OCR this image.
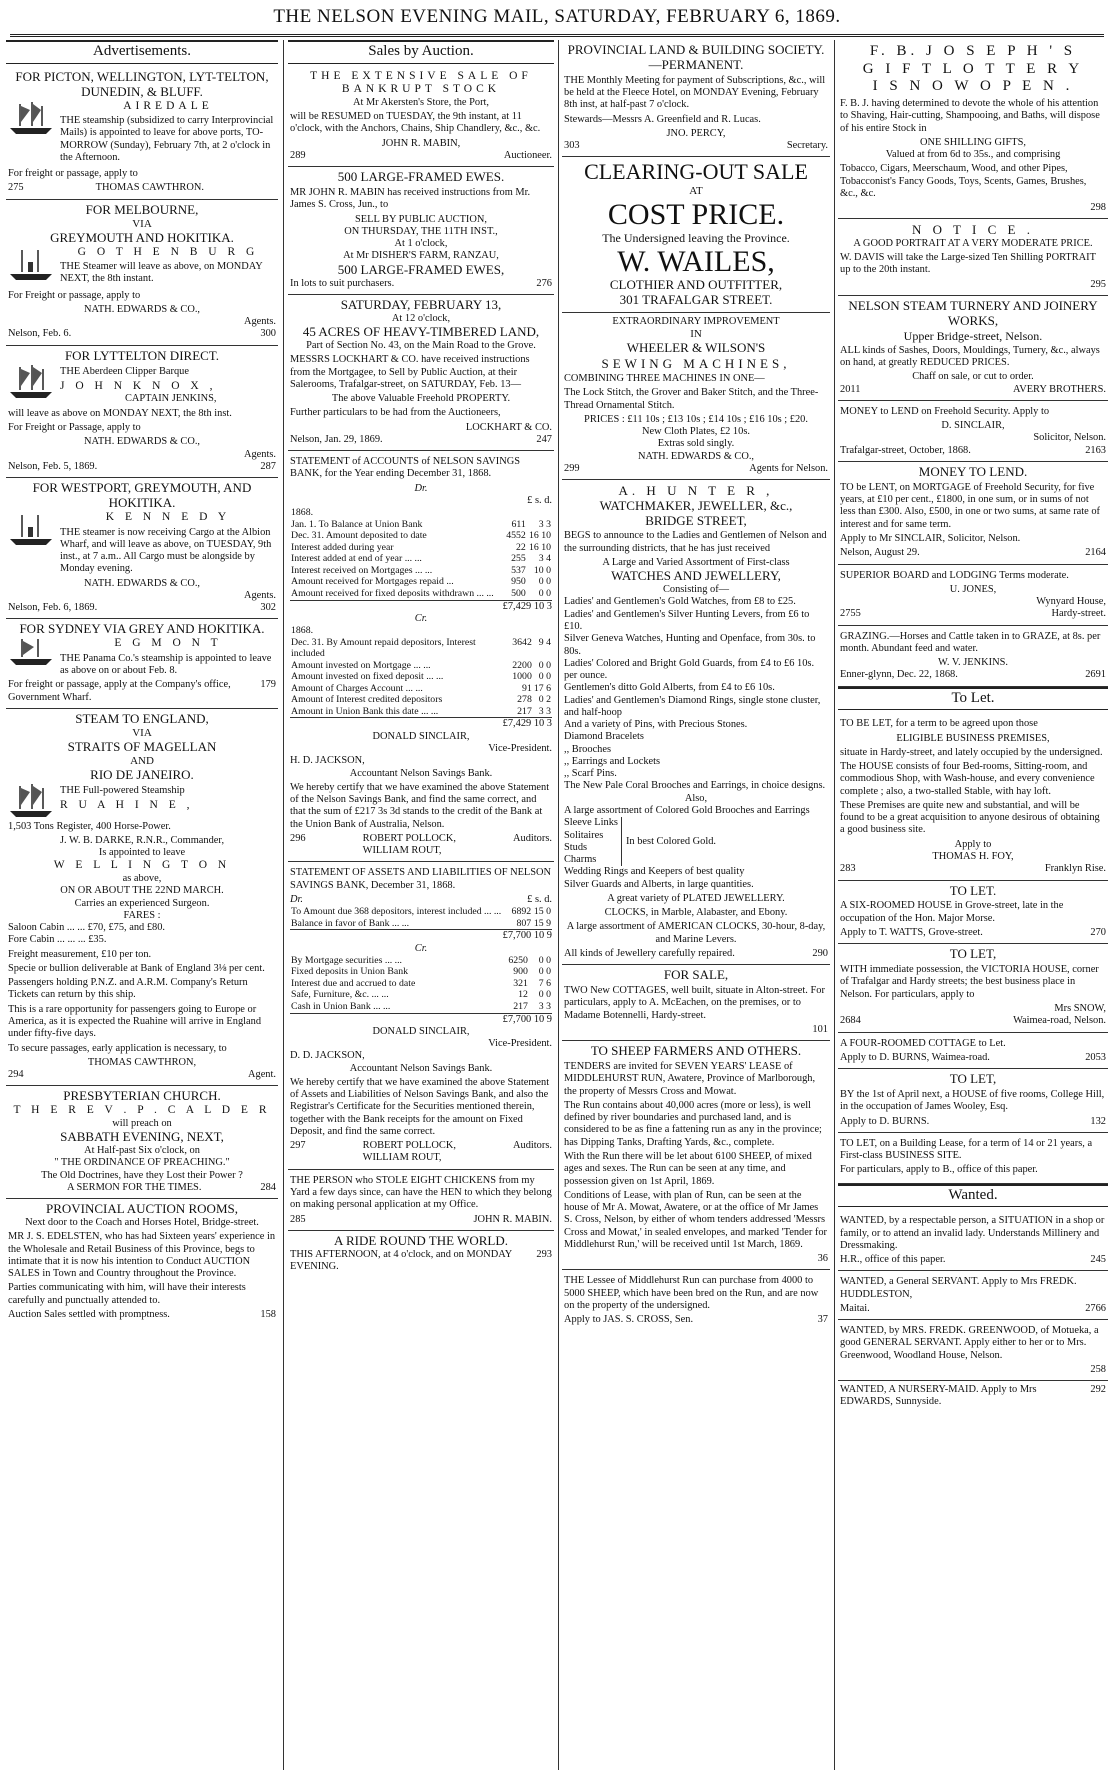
THE NELSON EVENING MAIL, SATURDAY, FEBRUARY 6, 1869.
Advertisements.
FOR PICTON, WELLINGTON, LYT-TELTON, DUNEDIN, & BLUFF.
AIREDALE

THE steamship (subsidized to carry Interprovincial Mails) is appointed to leave for above ports, TO-MORROW (Sunday), February 7th, at 2 o'clock in the Afternoon.

For freight or passage, apply to

275	THOMAS CAWTHRON.
FOR MELBOURNE,
VIA
GREYMOUTH AND HOKITIKA.
G O T H E N B U R G

THE Steamer will leave as above, on MONDAY NEXT, the 8th instant.

For Freight or passage, apply to

NATH. EDWARDS & CO.,
Agents.
Nelson, Feb. 6.	300
FOR LYTTELTON DIRECT.

THE Aberdeen Clipper Barque

J O H N K N O X ,
CAPTAIN JENKINS,

will leave as above on MONDAY NEXT, the 8th inst.

For Freight or Passage, apply to

NATH. EDWARDS & CO.,
Agents.
Nelson, Feb. 5, 1869.	287
FOR WESTPORT, GREYMOUTH, AND HOKITIKA.
K E N N E D Y

THE steamer is now receiving Cargo at the Albion Wharf, and will leave as above, on TUESDAY, 9th inst., at 7 a.m.. All Cargo must be alongside by Monday evening.

NATH. EDWARDS & CO.,
Agents.
Nelson, Feb. 6, 1869.	302
FOR SYDNEY VIA GREY AND HOKITIKA.
E G M O N T

THE Panama Co.'s steamship is appointed to leave as above on or about Feb. 8.

For freight or passage, apply at the Company's office, Government Wharf.
179
STEAM TO ENGLAND,
VIA
STRAITS OF MAGELLAN
AND
RIO DE JANEIRO.

THE Full-powered Steamship

R U A H I N E ,

1,503 Tons Register, 400 Horse-Power.

J. W. B. DARKE, R.N.R., Commander,
Is appointed to leave
W E L L I N G T O N
as above,
ON OR ABOUT THE 22ND MARCH.
Carries an experienced Surgeon.
FARES :
Saloon Cabin ... ... £70, £75, and £80.
Fore Cabin ... ... ... £35.

Freight measurement, £10 per ton.

Specie or bullion deliverable at Bank of England 3⅛ per cent.

Passengers holding P.N.Z. and A.R.M. Company's Return Tickets can return by this ship.

This is a rare opportunity for passengers going to Europe or America, as it is expected the Ruahine will arrive in England under fifty-five days.

To secure passages, early application is necessary, to

THOMAS CAWTHRON,
294	Agent.
PRESBYTERIAN CHURCH.
T H E R E V . P . C A L D E R
will preach on
SABBATH EVENING, NEXT,
At Half-past Six o'clock, on
" THE ORDINANCE OF PREACHING."
The Old Doctrines, have they Lost their Power ?
A SERMON FOR THE TIMES.	284
PROVINCIAL AUCTION ROOMS,
Next door to the Coach and Horses Hotel, Bridge-street.

MR J. S. EDELSTEN, who has had Sixteen years' experience in the Wholesale and Retail Business of this Province, begs to intimate that it is now his intention to Conduct AUCTION SALES in Town and Country throughout the Province.

Parties communicating with him, will have their interests carefully and punctually attended to.

Auction Sales settled with promptness.	158
Sales by Auction.
THE EXTENSIVE SALE OF
BANKRUPT STOCK
At Mr Akersten's Store, the Port,

will be RESUMED on TUESDAY, the 9th instant, at 11 o'clock, with the Anchors, Chains, Ship Chandlery, &c., &c.

JOHN R. MABIN,
289	Auctioneer.
500 LARGE-FRAMED EWES.

MR JOHN R. MABIN has received instructions from Mr. James S. Cross, Jun., to

SELL BY PUBLIC AUCTION,
ON THURSDAY, THE 11TH INST.,
At 1 o'clock,
At Mr DISHER'S FARM, RANZAU,
500 LARGE-FRAMED EWES,
In lots to suit purchasers.	276
SATURDAY, FEBRUARY 13,
At 12 o'clock,
45 ACRES OF HEAVY-TIMBERED LAND,
Part of Section No. 43, on the Main Road to the Grove.

MESSRS LOCKHART & CO. have received instructions from the Mortgagee, to Sell by Public Auction, at their Salerooms, Trafalgar-street, on SATURDAY, Feb. 13—

The above Valuable Freehold PROPERTY.

Further particulars to be had from the Auctioneers,

LOCKHART & CO.
Nelson, Jan. 29, 1869.	247

STATEMENT of ACCOUNTS of NELSON SAVINGS BANK, for the Year ending December 31, 1868.

Dr.
£ s. d.
1868.		
Jan. 1. To Balance at Union Bank	611	3 3
Dec. 31. Amount deposited to date	4552	16 10
Interest added during year	22	16 10
Interest added at end of year ... ...	255	3 4
Interest received on Mortgages ... ...	537	10 0
Amount received for Mortgages repaid ...	950	0 0
Amount received for fixed deposits withdrawn ... ...	500	0 0
£7,429 10 3
Cr.
1868.		
Dec. 31. By Amount repaid depositors, Interest included	3642	9 4
Amount invested on Mortgage ... ...	2200	0 0
Amount invested on fixed deposit ... ...	1000	0 0
Amount of Charges Account ... ...	91	17 6
Amount of Interest credited depositors	278	0 2
Amount in Union Bank this date ... ...	217	3 3
£7,429 10 3
DONALD SINCLAIR,
Vice-President.
H. D. JACKSON,
Accountant Nelson Savings Bank.

We hereby certify that we have examined the above Statement of the Nelson Savings Bank, and find the same correct, and that the sum of £217 3s 3d stands to the credit of the Bank at the Union Bank of Australia, Nelson.

296	ROBERT POLLOCK,
WILLIAM ROUT,
Auditors.

STATEMENT OF ASSETS AND LIABILITIES OF NELSON SAVINGS BANK, December 31, 1868.

Dr.	£ s. d.
To Amount due 368 depositors, interest included ... ...	6892	15 0
Balance in favor of Bank ... ...	807	15 9
£7,700 10 9
Cr.
By Mortgage securities ... ...	6250	0 0
Fixed deposits in Union Bank	900	0 0
Interest due and accrued to date	321	7 6
Safe, Furniture, &c. ... ...	12	0 0
Cash in Union Bank ... ...	217	3 3
£7,700 10 9
DONALD SINCLAIR,
Vice-President.
D. D. JACKSON,
Accountant Nelson Savings Bank.

We hereby certify that we have examined the above Statement of Assets and Liabilities of Nelson Savings Bank, and also the Registrar's Certificate for the Securities mentioned therein, together with the Bank receipts for the amount on Fixed Deposit, and find the same correct.

297	ROBERT POLLOCK,
WILLIAM ROUT,
Auditors.

THE PERSON who STOLE EIGHT CHICKENS from my Yard a few days since, can have the HEN to which they belong on making personal application at my Office.

285	JOHN R. MABIN.
A RIDE ROUND THE WORLD.
THIS AFTERNOON, at 4 o'clock, and on MONDAY EVENING.
293
PROVINCIAL LAND & BUILDING SOCIETY.—PERMANENT.

THE Monthly Meeting for payment of Subscriptions, &c., will be held at the Fleece Hotel, on MONDAY Evening, February 8th inst, at half-past 7 o'clock.

Stewards—Messrs A. Greenfield and R. Lucas.

JNO. PERCY,
303	Secretary.
CLEARING-OUT SALE
AT
COST PRICE.
The Undersigned leaving the Province.
W. WAILES,
CLOTHIER AND OUTFITTER,
301 TRAFALGAR STREET.
EXTRAORDINARY IMPROVEMENT
IN
WHEELER & WILSON'S
SEWING MACHINES,

COMBINING THREE MACHINES IN ONE—

The Lock Stitch, the Grover and Baker Stitch, and the Three-Thread Ornamental Stitch.

PRICES : £11 10s ; £13 10s ; £14 10s ; £16 10s ; £20.
New Cloth Plates, £2 10s.
Extras sold singly.
NATH. EDWARDS & CO.,
299	Agents for Nelson.
A. H U N T E R ,
WATCHMAKER, JEWELLER, &c.,
BRIDGE STREET,

BEGS to announce to the Ladies and Gentlemen of Nelson and the surrounding districts, that he has just received

A Large and Varied Assortment of First-class
WATCHES AND JEWELLERY,
Consisting of—
Ladies' and Gentlemen's Gold Watches, from £8 to £25.
Ladies' and Gentlemen's Silver Hunting Levers, from £6 to £10.
Silver Geneva Watches, Hunting and Openface, from 30s. to 80s.
Ladies' Colored and Bright Gold Guards, from £4 to £6 10s. per ounce.
Gentlemen's ditto Gold Alberts, from £4 to £6 10s.
Ladies' and Gentlemen's Diamond Rings, single stone cluster, and half-hoop
And a variety of Pins, with Precious Stones.
Diamond Bracelets
,, Brooches
,, Earrings and Lockets
,, Scarf Pins.
The New Pale Coral Brooches and Earrings, in choice designs.
Also,
A large assortment of Colored Gold Brooches and Earrings
Sleeve Links
Solitaires
Studs
Charms
In best Colored Gold.
Wedding Rings and Keepers of best quality
Silver Guards and Alberts, in large quantities.

A great variety of PLATED JEWELLERY.

CLOCKS, in Marble, Alabaster, and Ebony.

A large assortment of AMERICAN CLOCKS, 30-hour, 8-day, and Marine Levers.

All kinds of Jewellery carefully repaired.	290
FOR SALE,

TWO New COTTAGES, well built, situate in Alton-street. For particulars, apply to A. McEachen, on the premises, or to Madame Botennelli, Hardy-street.

101
TO SHEEP FARMERS AND OTHERS.

TENDERS are invited for SEVEN YEARS' LEASE of MIDDLEHURST RUN, Awatere, Province of Marlborough, the property of Messrs Cross and Mowat.

The Run contains about 40,000 acres (more or less), is well defined by river boundaries and purchased land, and is considered to be as fine a fattening run as any in the province; has Dipping Tanks, Drafting Yards, &c., complete.

With the Run there will be let about 6100 SHEEP, of mixed ages and sexes. The Run can be seen at any time, and possession given on 1st April, 1869.

Conditions of Lease, with plan of Run, can be seen at the house of Mr A. Mowat, Awatere, or at the office of Mr James S. Cross, Nelson, by either of whom tenders addressed 'Messrs Cross and Mowat,' in sealed envelopes, and marked 'Tender for Middlehurst Run,' will be received until 1st March, 1869.

36

THE Lessee of Middlehurst Run can purchase from 4000 to 5000 SHEEP, which have been bred on the Run, and are now on the property of the undersigned.

Apply to JAS. S. CROSS, Sen.	37
F. B. J O S E P H ' S
G I F T L O T T E R Y
I S N O W O P E N .

F. B. J. having determined to devote the whole of his attention to Shaving, Hair-cutting, Shampooing, and Baths, will dispose of his entire Stock in

ONE SHILLING GIFTS,
Valued at from 6d to 35s., and comprising

Tobacco, Cigars, Meerschaum, Wood, and other Pipes, Tobacconist's Fancy Goods, Toys, Scents, Games, Brushes, &c., &c.

298
N O T I C E .
A GOOD PORTRAIT AT A VERY MODERATE PRICE.

W. DAVIS will take the Large-sized Ten Shilling PORTRAIT up to the 20th instant.

295
NELSON STEAM TURNERY AND JOINERY WORKS,
Upper Bridge-street, Nelson.

ALL kinds of Sashes, Doors, Mouldings, Turnery, &c., always on hand, at greatly REDUCED PRICES.

Chaff on sale, or cut to order.
2011	AVERY BROTHERS.

MONEY to LEND on Freehold Security. Apply to

D. SINCLAIR,
Solicitor, Nelson.
Trafalgar-street, October, 1868.	2163
MONEY TO LEND.

TO be LENT, on MORTGAGE of Freehold Security, for five years, at £10 per cent., £1800, in one sum, or in sums of not less than £300. Also, £500, in one or two sums, at same rate of interest and for same term.

Apply to Mr SINCLAIR, Solicitor, Nelson.

Nelson, August 29.	2164

SUPERIOR BOARD and LODGING Terms moderate.

U. JONES,
Wynyard House,
2755	Hardy-street.

GRAZING.—Horses and Cattle taken in to GRAZE, at 8s. per month. Abundant feed and water.

W. V. JENKINS.
Enner-glynn, Dec. 22, 1868.	2691
To Let.

TO BE LET, for a term to be agreed upon those

ELIGIBLE BUSINESS PREMISES,

situate in Hardy-street, and lately occupied by the undersigned.

The HOUSE consists of four Bed-rooms, Sitting-room, and commodious Shop, with Wash-house, and every convenience complete ; also, a two-stalled Stable, with hay loft.

These Premises are quite new and substantial, and will be found to be a great acquisition to anyone desirous of obtaining a good business site.

Apply to
THOMAS H. FOY,
283	Franklyn Rise.
TO LET.

A SIX-ROOMED HOUSE in Grove-street, late in the occupation of the Hon. Major Morse.

Apply to T. WATTS, Grove-street.	270
TO LET,

WITH immediate possession, the VICTORIA HOUSE, corner of Trafalgar and Hardy streets; the best business place in Nelson. For particulars, apply to

Mrs SNOW,
2684	Waimea-road, Nelson.

A FOUR-ROOMED COTTAGE to Let.

Apply to D. BURNS, Waimea-road.	2053
TO LET,

BY the 1st of April next, a HOUSE of five rooms, College Hill, in the occupation of James Wooley, Esq.

Apply to D. BURNS.	132

TO LET, on a Building Lease, for a term of 14 or 21 years, a First-class BUSINESS SITE.

For particulars, apply to B., office of this paper.

Wanted.

WANTED, by a respectable person, a SITUATION in a shop or family, or to attend an invalid lady. Understands Millinery and Dressmaking.

H.R., office of this paper.	245

WANTED, a General SERVANT. Apply to Mrs FREDK. HUDDLESTON,

Maitai.	2766

WANTED, by MRS. FREDK. GREENWOOD, of Motueka, a good GENERAL SERVANT. Apply either to her or to Mrs. Greenwood, Woodland House, Nelson.

258
WANTED, A NURSERY-MAID. Apply to Mrs EDWARDS, Sunnyside.
292
